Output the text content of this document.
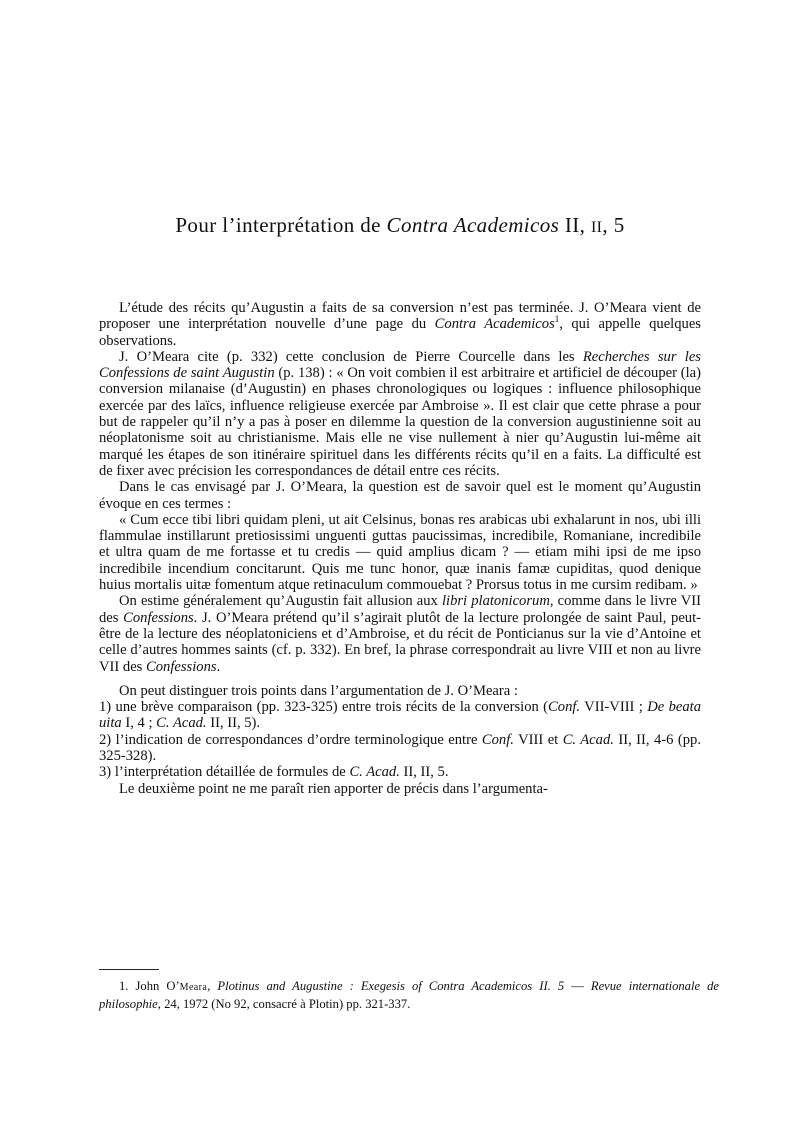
Pour l’interprétation de Contra Academicos II, II, 5

L’étude des récits qu’Augustin a faits de sa conversion n’est pas terminée. J. O’Meara vient de proposer une interprétation nouvelle d’une page du Contra Academicos$^1$, qui appelle quelques observations.

J. O’Meara cite (p. 332) cette conclusion de Pierre Courcelle dans les Recherches sur les Confessions de saint Augustin (p. 138) : « On voit combien il est arbitraire et artificiel de découper (la) conversion milanaise (d’Augustin) en phases chronologiques ou logiques : influence philosophique exercée par des laïcs, influence religieuse exercée par Ambroise ». Il est clair que cette phrase a pour but de rappeler qu’il n’y a pas à poser en dilemme la question de la conversion augustinienne soit au néoplatonisme soit au christianisme. Mais elle ne vise nullement à nier qu’Augustin lui-même ait marqué les étapes de son itinéraire spirituel dans les différents récits qu’il en a faits. La difficulté est de fixer avec précision les correspondances de détail entre ces récits.

Dans le cas envisagé par J. O’Meara, la question est de savoir quel est le moment qu’Augustin évoque en ces termes :

« Cum ecce tibi libri quidam pleni, ut ait Celsinus, bonas res arabicas ubi exhalarunt in nos, ubi illi flammulae instillarunt pretiosissimi unguenti guttas paucissimas, incredibile, Romaniane, incredibile et ultra quam de me fortasse et tu credis — quid amplius dicam ? — etiam mihi ipsi de me ipso incredibile incendium concitarunt. Quis me tunc honor, quæ inanis famæ cupiditas, quod denique huius mortalis uitæ fomentum atque retinaculum commouebat ? Prorsus totus in me cursim redibam. »

On estime généralement qu’Augustin fait allusion aux libri platonicorum, comme dans le livre VII des Confessions. J. O’Meara prétend qu’il s’agirait plutôt de la lecture prolongée de saint Paul, peut-être de la lecture des néoplatoniciens et d’Ambroise, et du récit de Ponticianus sur la vie d’Antoine et celle d’autres hommes saints (cf. p. 332). En bref, la phrase correspondrait au livre VIII et non au livre VII des Confessions.

On peut distinguer trois points dans l’argumentation de J. O’Meara :

1) une brève comparaison (pp. 323-325) entre trois récits de la conversion (Conf. VII-VIII ; De beata uita I, 4 ; C. Acad. II, II, 5).

2) l’indication de correspondances d’ordre terminologique entre Conf. VIII et C. Acad. II, II, 4-6 (pp. 325-328).

3) l’interprétation détaillée de formules de C. Acad. II, II, 5.

Le deuxième point ne me paraît rien apporter de précis dans l’argumenta-

1. John O’Meara, Plotinus and Augustine : Exegesis of Contra Academicos II. 5 — Revue internationale de philosophie, 24, 1972 (No 92, consacré à Plotin) pp. 321-337.
